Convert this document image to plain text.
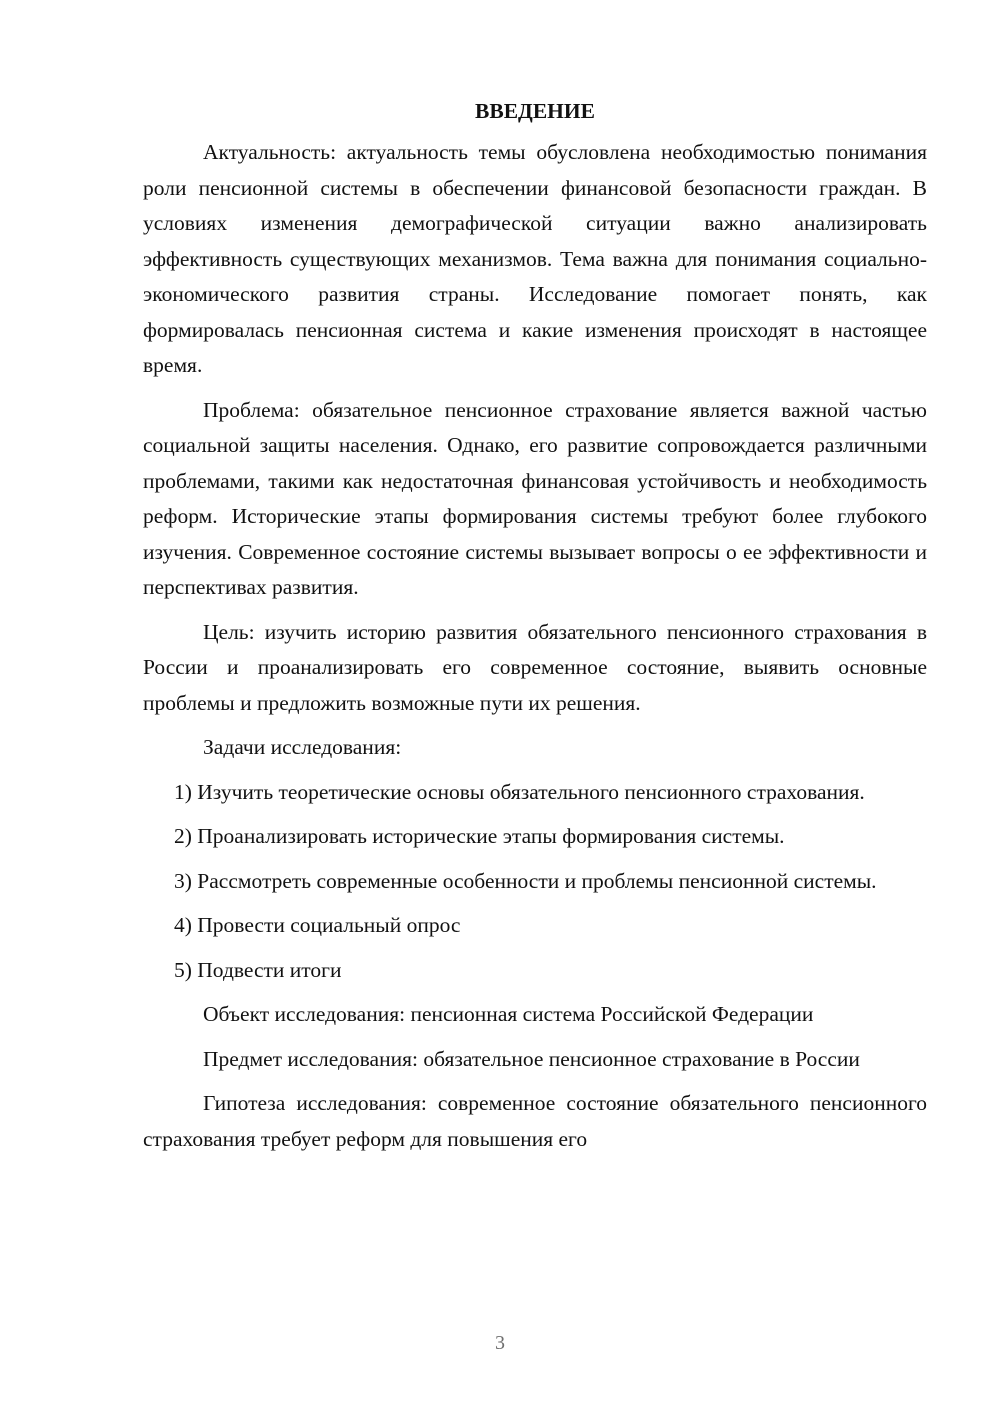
ВВЕДЕНИЕ

Актуальность: актуальность темы обусловлена необходимостью понимания роли пенсионной системы в обеспечении финансовой безопасности граждан. В условиях изменения демографической ситуации важно анализировать эффективность существующих механизмов. Тема важна для понимания социально-экономического развития страны. Исследование помогает понять, как формировалась пенсионная система и какие изменения происходят в настоящее время.

Проблема: обязательное пенсионное страхование является важной частью социальной защиты населения. Однако, его развитие сопровождается различными проблемами, такими как недостаточная финансовая устойчивость и необходимость реформ. Исторические этапы формирования системы требуют более глубокого изучения. Современное состояние системы вызывает вопросы о ее эффективности и перспективах развития.

Цель: изучить историю развития обязательного пенсионного страхования в России и проанализировать его современное состояние, выявить основные проблемы и предложить возможные пути их решения.

Задачи исследования:

1) Изучить теоретические основы обязательного пенсионного страхования.

2) Проанализировать исторические этапы формирования системы.

3) Рассмотреть современные особенности и проблемы пенсионной системы.

4) Провести социальный опрос

5) Подвести итоги

Объект исследования: пенсионная система Российской Федерации

Предмет исследования: обязательное пенсионное страхование в России

Гипотеза исследования: современное состояние обязательного пенсионного страхования требует реформ для повышения его

3
